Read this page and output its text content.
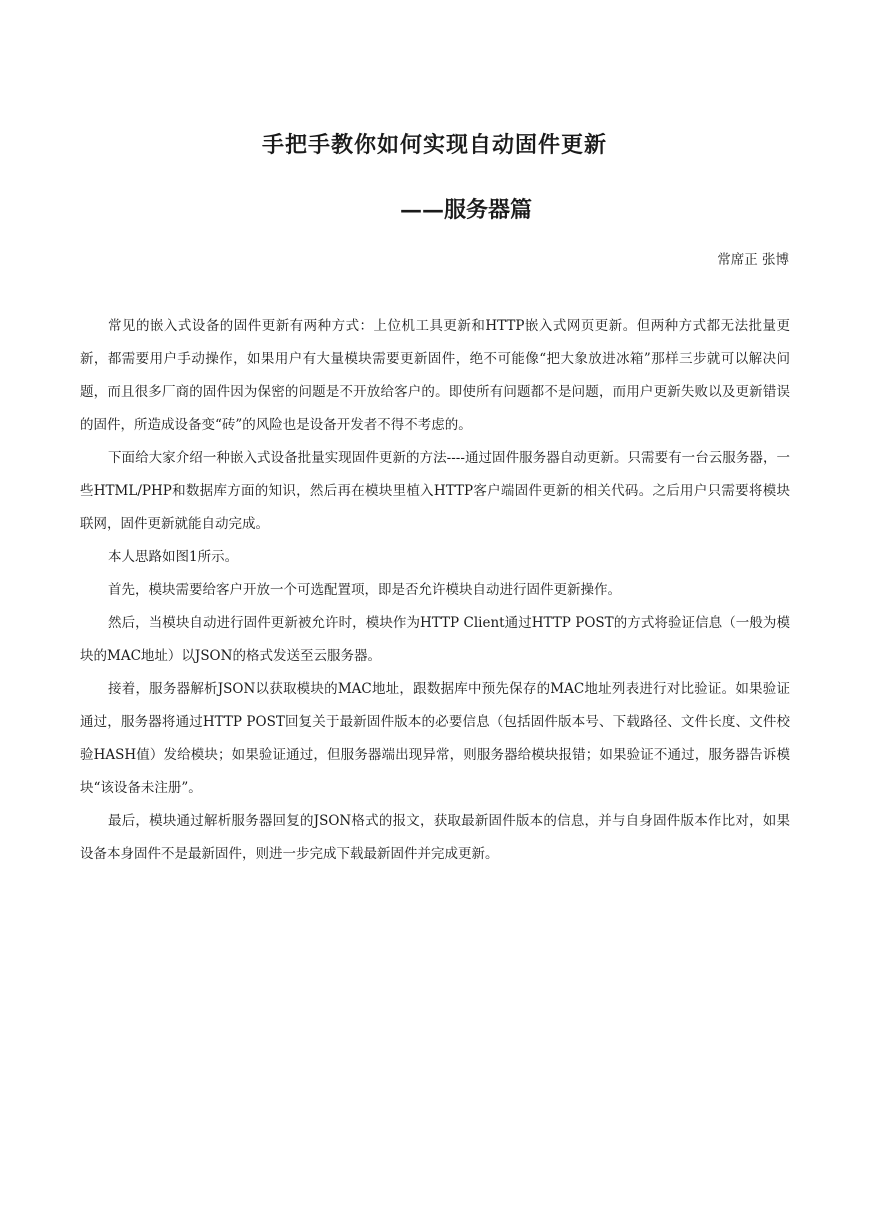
手把手教你如何实现自动固件更新
——服务器篇

常席正 张博

常见的嵌入式设备的固件更新有两种方式：上位机工具更新和HTTP嵌入式网页更新。但两种方式都无法批量更新，都需要用户手动操作，如果用户有大量模块需要更新固件，绝不可能像“把大象放进冰箱”那样三步就可以解决问题，而且很多厂商的固件因为保密的问题是不开放给客户的。即使所有问题都不是问题，而用户更新失败以及更新错误的固件，所造成设备变“砖”的风险也是设备开发者不得不考虑的。

下面给大家介绍一种嵌入式设备批量实现固件更新的方法----通过固件服务器自动更新。只需要有一台云服务器，一些HTML/PHP和数据库方面的知识，然后再在模块里植入HTTP客户端固件更新的相关代码。之后用户只需要将模块联网，固件更新就能自动完成。

本人思路如图1所示。

首先，模块需要给客户开放一个可选配置项，即是否允许模块自动进行固件更新操作。

然后，当模块自动进行固件更新被允许时，模块作为HTTP Client通过HTTP POST的方式将验证信息（一般为模块的MAC地址）以JSON的格式发送至云服务器。

接着，服务器解析JSON以获取模块的MAC地址，跟数据库中预先保存的MAC地址列表进行对比验证。如果验证通过，服务器将通过HTTP POST回复关于最新固件版本的必要信息（包括固件版本号、下载路径、文件长度、文件校验HASH值）发给模块；如果验证通过，但服务器端出现异常，则服务器给模块报错；如果验证不通过，服务器告诉模块“该设备未注册”。

最后，模块通过解析服务器回复的JSON格式的报文，获取最新固件版本的信息，并与自身固件版本作比对，如果设备本身固件不是最新固件，则进一步完成下载最新固件并完成更新。
